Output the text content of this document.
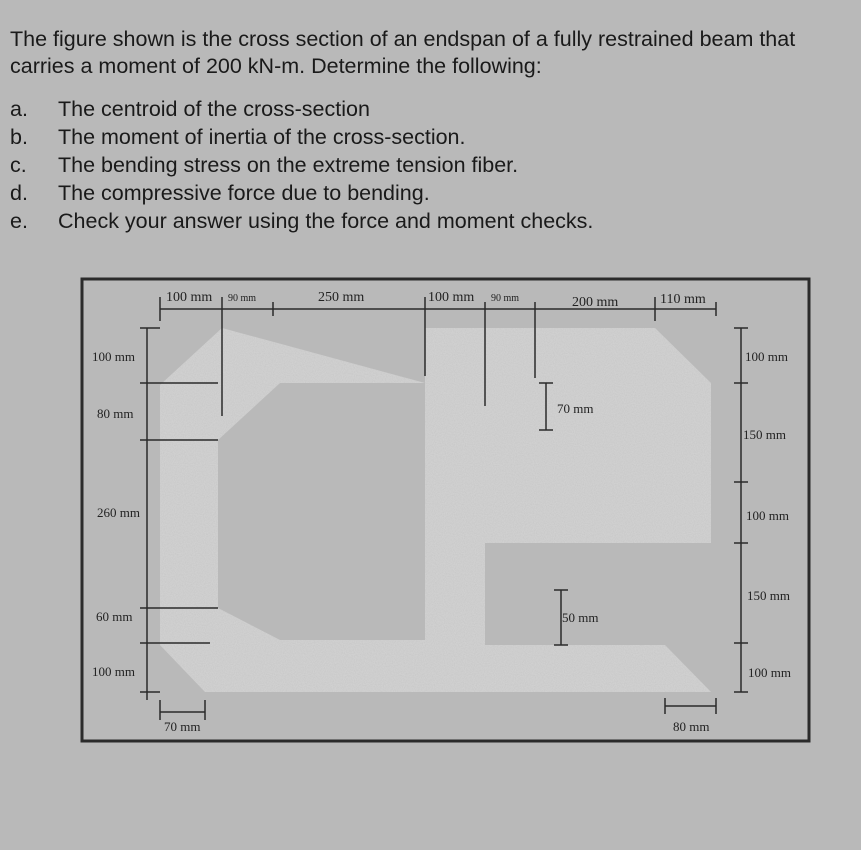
The figure shown is the cross section of an endspan of a fully restrained beam that carries a moment of 200 kN-m. Determine the following:

a. The centroid of the cross-section
b. The moment of inertia of the cross-section.
c. The bending stress on the extreme tension fiber.
d. The compressive force due to bending.
e. Check your answer using the force and moment checks.
100 mm 90 mm	250 mm	100 mm 90 mm	200 mm	110 mm
100 mm
80 mm
260 mm
60 mm
100 mm
100 mm
150 mm
100 mm
150 mm
100 mm
70 mm
50 mm
70 mm	80 mm
